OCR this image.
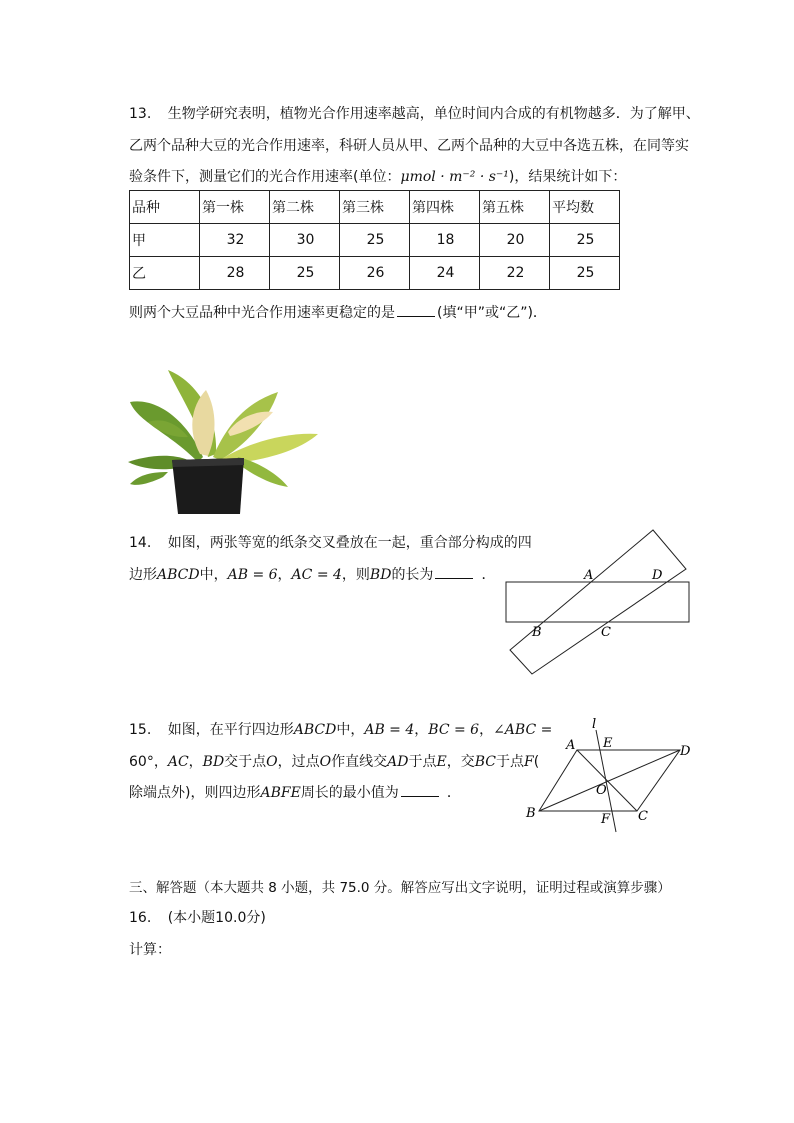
13. 生物学研究表明，植物光合作用速率越高，单位时间内合成的有机物越多．为了解甲、
乙两个品种大豆的光合作用速率，科研人员从甲、乙两个品种的大豆中各选五株，在同等实
验条件下，测量它们的光合作用速率(单位：μmol · m⁻² · s⁻¹)，结果统计如下：
品种	第一株	第二株	第三株	第四株	第五株	平均数
甲	32	30	25	18	20	25
乙	28	25	26	24	22	25
则两个大豆品种中光合作用速率更稳定的是	(填“甲”或“乙”)．
14. 如图，两张等宽的纸条交叉叠放在一起，重合部分构成的四
边形ABCD中，AB = 6，AC = 4，则BD的长为	．	A	D
B	C
15. 如图，在平行四边形ABCD中，AB = 4，BC = 6，∠ABC =
60°，AC，BD交于点O，过点O作直线交AD于点E，交BC于点F(
除端点外)，则四边形ABFE周长的最小值为	．
l
A E
D
O
B	F C
三、解答题（本大题共 8 小题，共 75.0 分。解答应写出文字说明，证明过程或演算步骤）
16. (本小题10.0分)
计算：
